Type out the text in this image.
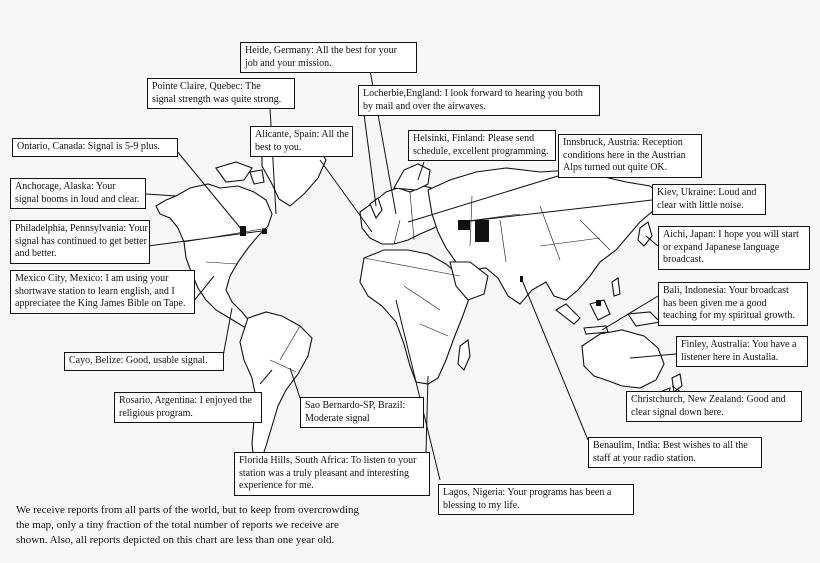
Heide, Germany: All the best for your
job and your mission.
Pointe Claire, Quebec: The
signal strength was quite strong.	Locherbie,England: I look forward to hearing you both
by mail and over the airwaves.
Ontario, Canada: Signal is 5-9 plus.
Alicante, Spain: All the
best to you.
Helsinki, Finland: Please send
schedule, excellent programming.
Innsbruck, Austria: Reception
conditions here in the Austrian
Alps turned out quite OK.
Anchorage, Alaska: Your
signal booms in loud and clear.
Kiev, Ukraine: Loud and
clear with little noise.
Philadelphia, Pennsylvania: Your
signal has continued to get better
and better.
Aichi, Japan: I hope you will start
or expand Japanese language
broadcast.
Mexico City, Mexico: I am using your
shortwave station to learn english, and I
appreciatee the King James Bible on Tape.
Bali, Indonesia: Your broadcast
has been given me a good
teaching for my spiritual growth.
Finley, Australia: You have a
listener here in Austalia.
Cayo, Belize: Good, usable signal.
Christchurch, New Zealand: Good and
clear signal down here.
Rosario, Argentina: I enjoyed the
religious program.
Sao Bernardo-SP, Brazil:
Moderate signal
Benaulim, India: Best wishes to all the
staff at your radio station.
Florida Hills, South Africa: To listen to your
station was a truly pleasant and interesting
experience for me.
Lagos, Nigeria: Your programs has been a
blessing to my life.
We receive reports from all parts of the world, but to keep from overcrowding
the map, only a tiny fraction of the total number of reports we receive are
shown. Also, all reports depicted on this chart are less than one year old.
